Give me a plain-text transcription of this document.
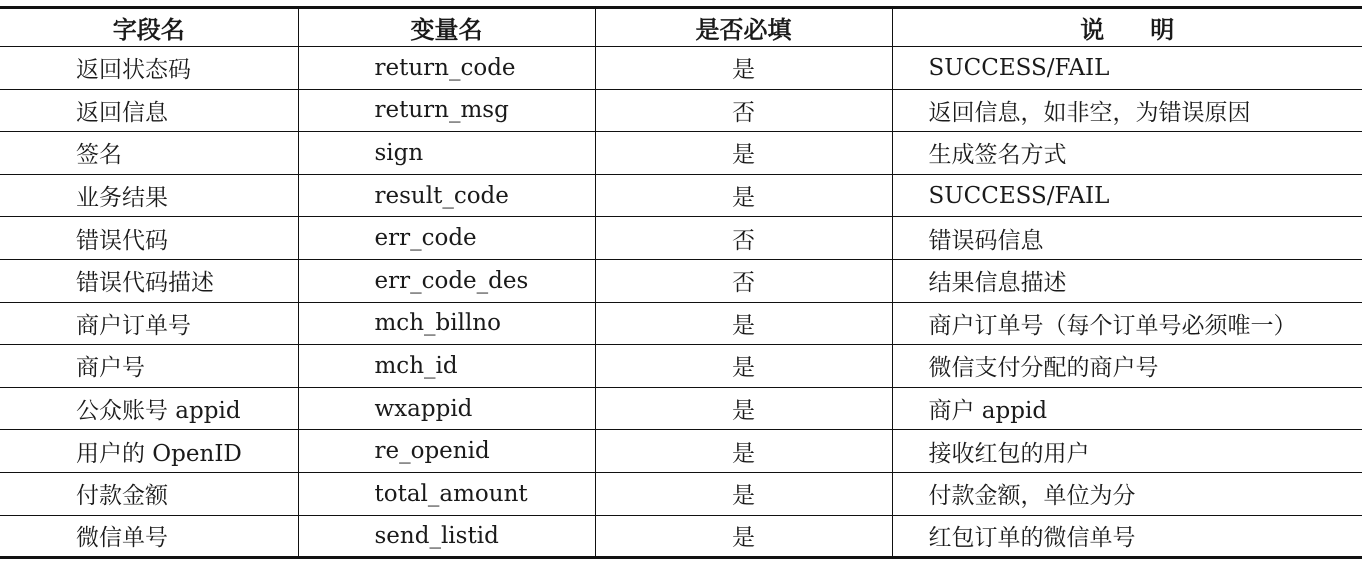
字段名	变量名	是否必填	说 明
返回状态码	return_code	是	SUCCESS/FAIL
返回信息	return_msg	否	返回信息，如非空，为错误原因
签名	sign	是	生成签名方式
业务结果	result_code	是	SUCCESS/FAIL
错误代码	err_code	否	错误码信息
错误代码描述	err_code_des	否	结果信息描述
商户订单号	mch_billno	是	商户订单号（每个订单号必须唯一）
商户号	mch_id	是	微信支付分配的商户号
公众账号 appid	wxappid	是	商户 appid
用户的 OpenID	re_openid	是	接收红包的用户
付款金额	total_amount	是	付款金额，单位为分
微信单号	send_listid	是	红包订单的微信单号
